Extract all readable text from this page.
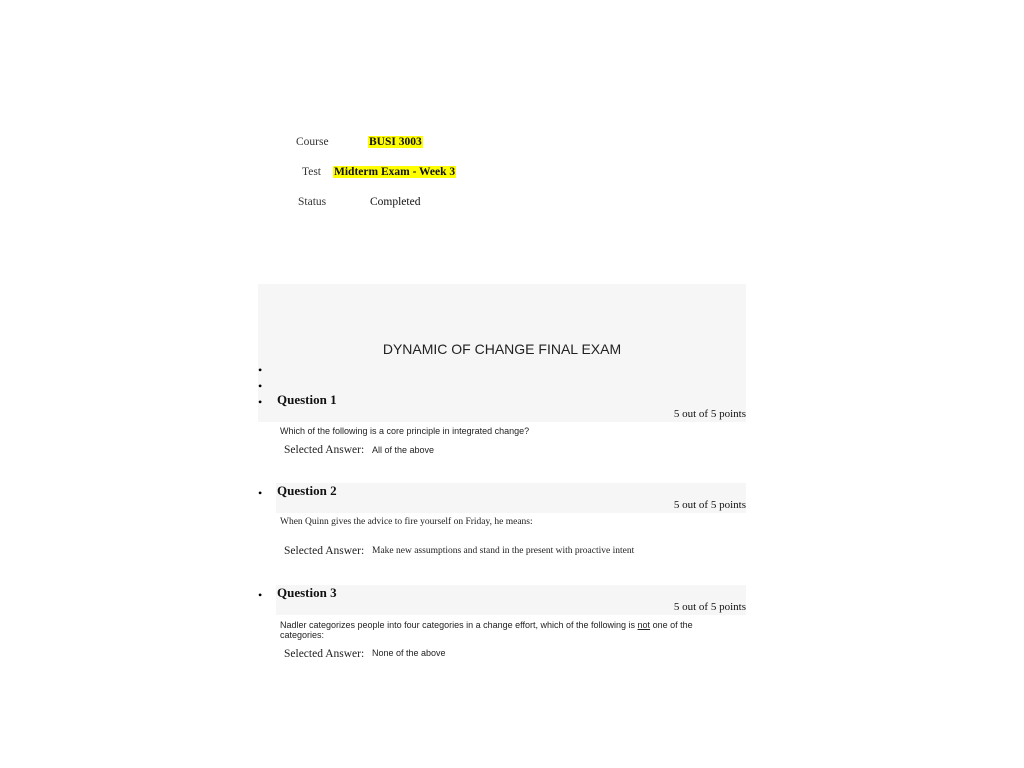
Course	BUSI 3003
Test Midterm Exam - Week 3
Status	Completed
DYNAMIC OF CHANGE FINAL EXAM
•
•
• Question 1
5 out of 5 points
Which of the following is a core principle in integrated change?
Selected Answer: All of the above
• Question 2
5 out of 5 points
When Quinn gives the advice to fire yourself on Friday, he means:
Selected Answer: Make new assumptions and stand in the present with proactive intent
• Question 3
5 out of 5 points
Nadler categorizes people into four categories in a change effort, which of the following is not one of the categories:
Selected Answer: None of the above
